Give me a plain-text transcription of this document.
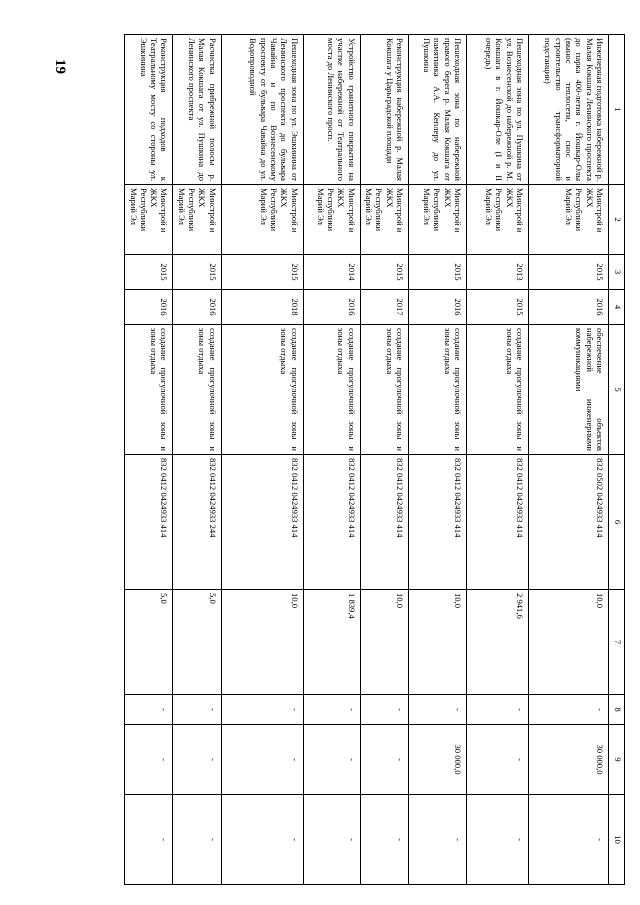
19
1	2	3	4	5	6	7	8	9	10
Инженерная подготовка набережной р. Малая Кокшага Ленинского проспекта до парка 400-летия г. Йошкар-Олы (вынос теплосети, снос и строительство трансформаторной подстанции)	Минстрой и ЖКХ Республики Марий Эл	2015	2016	обеспечение объектов набережной инженерными коммуникациями	832 0502 0424933 414	10,0	-	30 000,0	-
Пешеходная зона по ул. Пушкина от ул. Вознесенской до набережной р. М. Кокшага в г. Йошкар-Оле (I и II очередь)	Минстрой и ЖКХ Республики Марий Эл	2013	2015	создание прогулочной зоны и зоны отдыха	832 0412 0424933 414	2 941,6	-	-	-
Пешеходная зона по набережной правого берега р. Малая Кокшага от памятника А.А. Кеплеру до ул. Пушкина	Минстрой и ЖКХ Республики Марий Эл	2015	2016	создание прогулочной зоны и зоны отдыха	832 0412 0424933 414	10,0	-	30 000,0	-
Реконструкция набережной р. Малая Кокшага у Царьградской площади	Минстрой и ЖКХ Республики Марий Эл	2015	2017	создание прогулочной зоны и зоны отдыха	832 0412 0424933 414	10,0	-	-	-
Устройство гранитного покрытия на участке набережной от Театрального моста до Ленинского просп.	Минстрой и ЖКХ Республики Марий Эл	2014	2016	создание прогулочной зоны и зоны отдыха	832 0412 0424933 414	1 839,4	-	-	-
Пешеходная зона по ул. Эшкинина от Ленинского проспекта до бульвара Чавайна и по Вознесенскому проспекту от бульвара Чавайна до ул. Водопроводной	Минстрой и ЖКХ Республики Марий Эл	2015	2018	создание прогулочной зоны и зоны отдыха	832 0412 0424933 414	10,0	-	-	-
Расчистка прибрежной полосы р. Малая Кокшага от ул. Пушкина до Ленинского проспекта	Минстрой и ЖКХ Республики Марий Эл	2015	2016	создание прогулочной зоны и зоны отдыха	832 0412 0424933 244	5,0	-	-	-
Реконструкция подходов к Театральному мосту со стороны ул. Эшкинина	Минстрой и ЖКХ Республики Марий Эл	2015	2016	создание прогулочной зоны и зоны отдыха	832 0412 0424933 414	5,0	-	-	-
